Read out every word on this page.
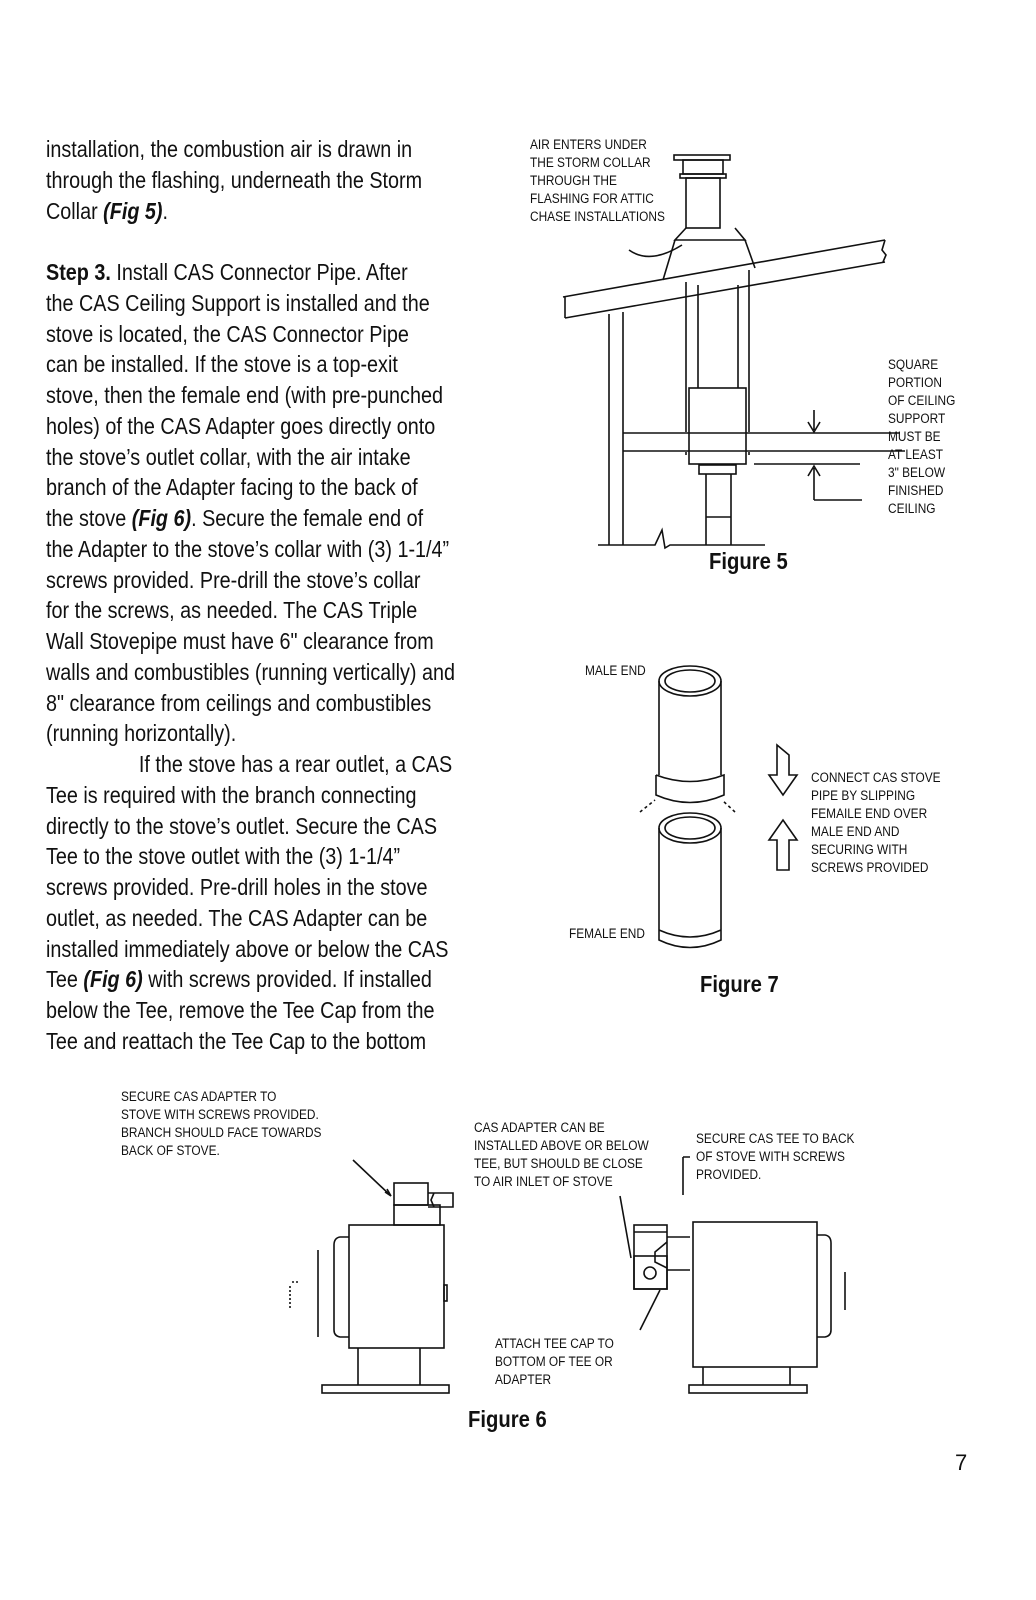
installation, the combustion air is drawn in
through the flashing, underneath the Storm
Collar (Fig 5).
Step 3. Install CAS Connector Pipe. After
the CAS Ceiling Support is installed and the
stove is located, the CAS Connector Pipe
can be installed. If the stove is a top-exit
stove, then the female end (with pre-punched
holes) of the CAS Adapter goes directly onto
the stove’s outlet collar, with the air intake
branch of the Adapter facing to the back of
the stove (Fig 6). Secure the female end of
the Adapter to the stove’s collar with (3) 1-1/4”
screws provided. Pre-drill the stove’s collar
for the screws, as needed. The CAS Triple
Wall Stovepipe must have 6" clearance from
walls and combustibles (running vertically) and
8" clearance from ceilings and combustibles
(running horizontally).
If the stove has a rear outlet, a CAS
Tee is required with the branch connecting
directly to the stove’s outlet. Secure the CAS
Tee to the stove outlet with the (3) 1-1/4”
screws provided. Pre-drill holes in the stove
outlet, as needed. The CAS Adapter can be
installed immediately above or below the CAS
Tee (Fig 6) with screws provided. If installed
below the Tee, remove the Tee Cap from the
Tee and reattach the Tee Cap to the bottom
AIR ENTERS UNDER
THE STORM COLLAR
THROUGH THE
FLASHING FOR ATTIC
CHASE INSTALLATIONS
SQUARE
PORTION
OF CEILING
SUPPORT
MUST BE
AT LEAST
3" BELOW
FINISHED
CEILING
Figure 5
MALE END
FEMALE END
CONNECT CAS STOVE
PIPE BY SLIPPING
FEMAILE END OVER
MALE END AND
SECURING WITH
SCREWS PROVIDED
Figure 7
SECURE CAS ADAPTER TO
STOVE WITH SCREWS PROVIDED.
BRANCH SHOULD FACE TOWARDS
BACK OF STOVE.
CAS ADAPTER CAN BE
INSTALLED ABOVE OR BELOW
TEE, BUT SHOULD BE CLOSE
TO AIR INLET OF STOVE
SECURE CAS TEE TO BACK
OF STOVE WITH SCREWS
PROVIDED.
ATTACH TEE CAP TO
BOTTOM OF TEE OR
ADAPTER
Figure 6
7
